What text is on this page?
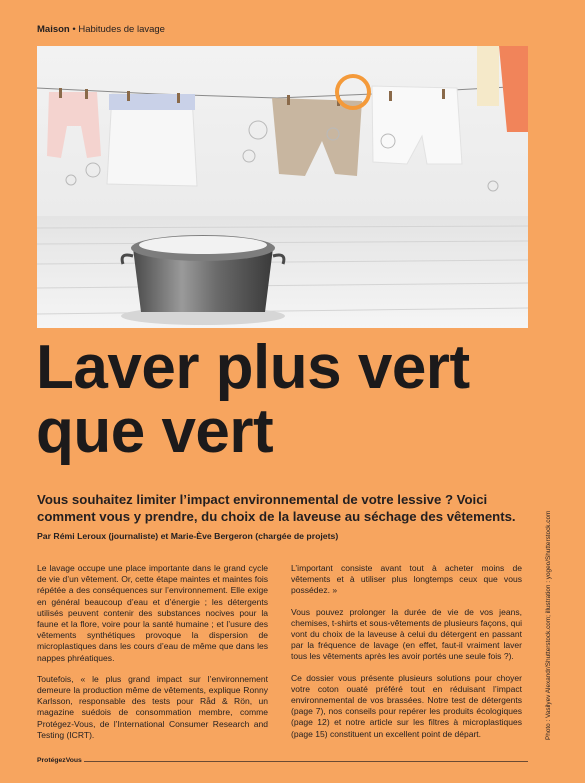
Maison • Habitudes de lavage
Laver plus vert
que vert

Vous souhaitez limiter l’impact environnemental de votre lessive ? Voici comment vous y prendre, du choix de la laveuse au séchage des vêtements.

Par Rémi Leroux (journaliste) et Marie-Ève Bergeron (chargée de projets)

Le lavage occupe une place importante dans le grand cycle de vie d’un vêtement. Or, cette étape maintes et maintes fois répétée a des conséquences sur l’environnement. Elle exige en général beaucoup d’eau et d’énergie ; les détergents utilisés peuvent contenir des substances nocives pour la faune et la flore, voire pour la santé humaine ; et l’usure des vêtements synthétiques provoque la dispersion de microplastiques dans les cours d’eau de même que dans les nappes phréatiques.

Toutefois, « le plus grand impact sur l’environnement demeure la production même de vêtements, explique Ronny Karlsson, responsable des tests pour Råd & Rön, un magazine suédois de consommation membre, comme Protégez-Vous, de l’International Consumer Research and Testing (ICRT).

L’important consiste avant tout à acheter moins de vêtements et à utiliser plus longtemps ceux que vous possédez. »

Vous pouvez prolonger la durée de vie de vos jeans, chemises, t-shirts et sous-vêtements de plusieurs façons, qui vont du choix de la laveuse à celui du détergent en passant par la fréquence de lavage (en effet, faut-il vraiment laver tous les vêtements après les avoir portés une seule fois ?).

Ce dossier vous présente plusieurs solutions pour choyer votre coton ouaté préféré tout en réduisant l’impact environnemental de vos brassées. Notre test de détergents (page 7), nos conseils pour repérer les produits écologiques (page 12) et notre article sur les filtres à microplastiques (page 15) constituent un excellent point de départ.	Photo : Vasilyev Alexandr/Shutterstock.com; illustration : yogeo/Shutterstock.com
ProtégezVous
